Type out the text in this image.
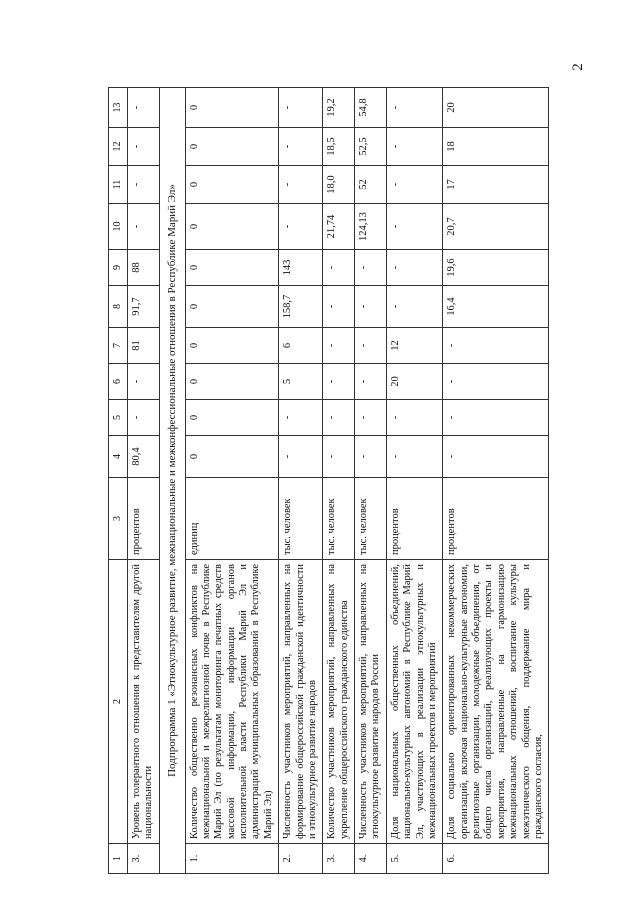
2
1	2	3	4	5	6	7	8	9	10	11	12	13
3.	Уровень толерантного отношения к представителям другой национальности	процентов	80,4	-	-	81	91,7	88	-	-	-	-
Подпрограмма 1 «Этнокультурное развитие, межнациональные и межконфессиональные отношения в Республике Марий Эл»												
1.	Количество общественно резонансных конфликтов на межнациональной и межрелигиозной почве в Республике Марий Эл (по результатам мониторинга печатных средств массовой информации, информации органов исполнительной власти Республики Марий Эл и администраций муниципальных образований в Республике Марий Эл)	единиц	0	0	0	0	0	0	0	0	0	0
2.	Численность участников мероприятий, направленных на формирование общероссийской гражданской идентичности и этнокультурное развитие народов	тыс. человек	-	-	5	6	158,7	143	-	-	-	-
3.	Количество участников мероприятий, направленных на укрепление общероссийского гражданского единства	тыс. человек	-	-	-	-	-	-	21,74	18,0	18,5	19,2
4.	Численность участников мероприятий, направленных на этнокультурное развитие народов России	тыс. человек	-	-	-	-	-	-	124,13	52	52,5	54,8
5.	Доля национальных общественных объединений, национально-культурных автономий в Республике Марий Эл, участвующих в реализации этнокультурных и межнациональных проектов и мероприятий	процентов	-	-	20	12	-	-	-	-	-	-
6.	Доля социально ориентированных некоммерческих организаций, включая национально-культурные автономии, религиозные организации, молодежные объединения, от общего числа организаций, реализующих проекты и мероприятия, направленные на гармонизацию межнациональных отношений, воспитание культуры межэтнического общения, поддержание мира и гражданского согласия,	процентов	-	-	-	-	16,4	19,6	20,7	17	18	20
